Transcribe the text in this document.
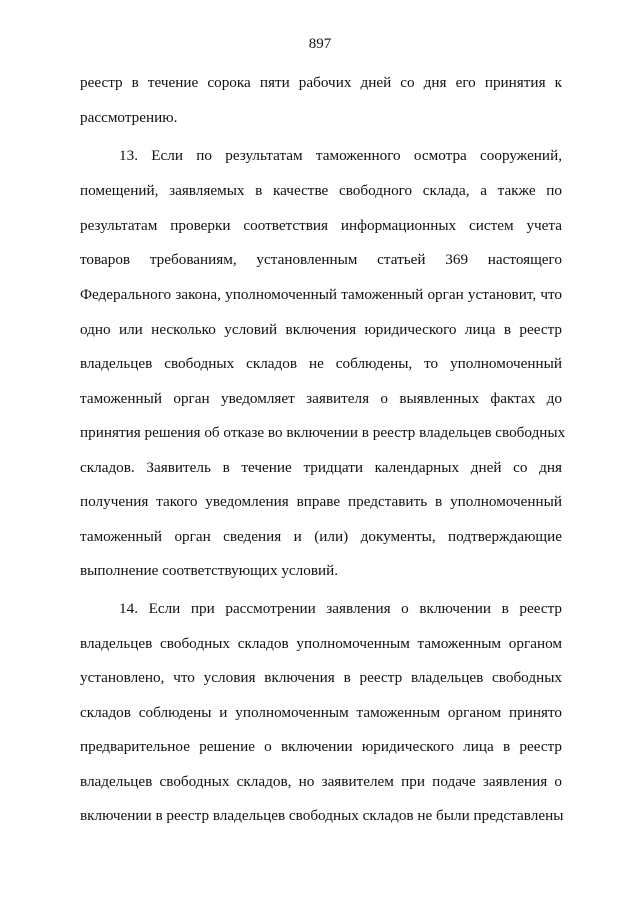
897
реестр в течение сорока пяти рабочих дней со дня его принятия к
рассмотрению.
13. Если по результатам таможенного осмотра сооружений,
помещений, заявляемых в качестве свободного склада, а также по
результатам проверки соответствия информационных систем учета
товаров требованиям, установленным статьей 369 настоящего
Федерального закона, уполномоченный таможенный орган установит, что
одно или несколько условий включения юридического лица в реестр
владельцев свободных складов не соблюдены, то уполномоченный
таможенный орган уведомляет заявителя о выявленных фактах до
принятия решения об отказе во включении в реестр владельцев свободных
складов. Заявитель в течение тридцати календарных дней со дня
получения такого уведомления вправе представить в уполномоченный
таможенный орган сведения и (или) документы, подтверждающие
выполнение соответствующих условий.
14. Если при рассмотрении заявления о включении в реестр
владельцев свободных складов уполномоченным таможенным органом
установлено, что условия включения в реестр владельцев свободных
складов соблюдены и уполномоченным таможенным органом принято
предварительное решение о включении юридического лица в реестр
владельцев свободных складов, но заявителем при подаче заявления о
включении в реестр владельцев свободных складов не были представлены
